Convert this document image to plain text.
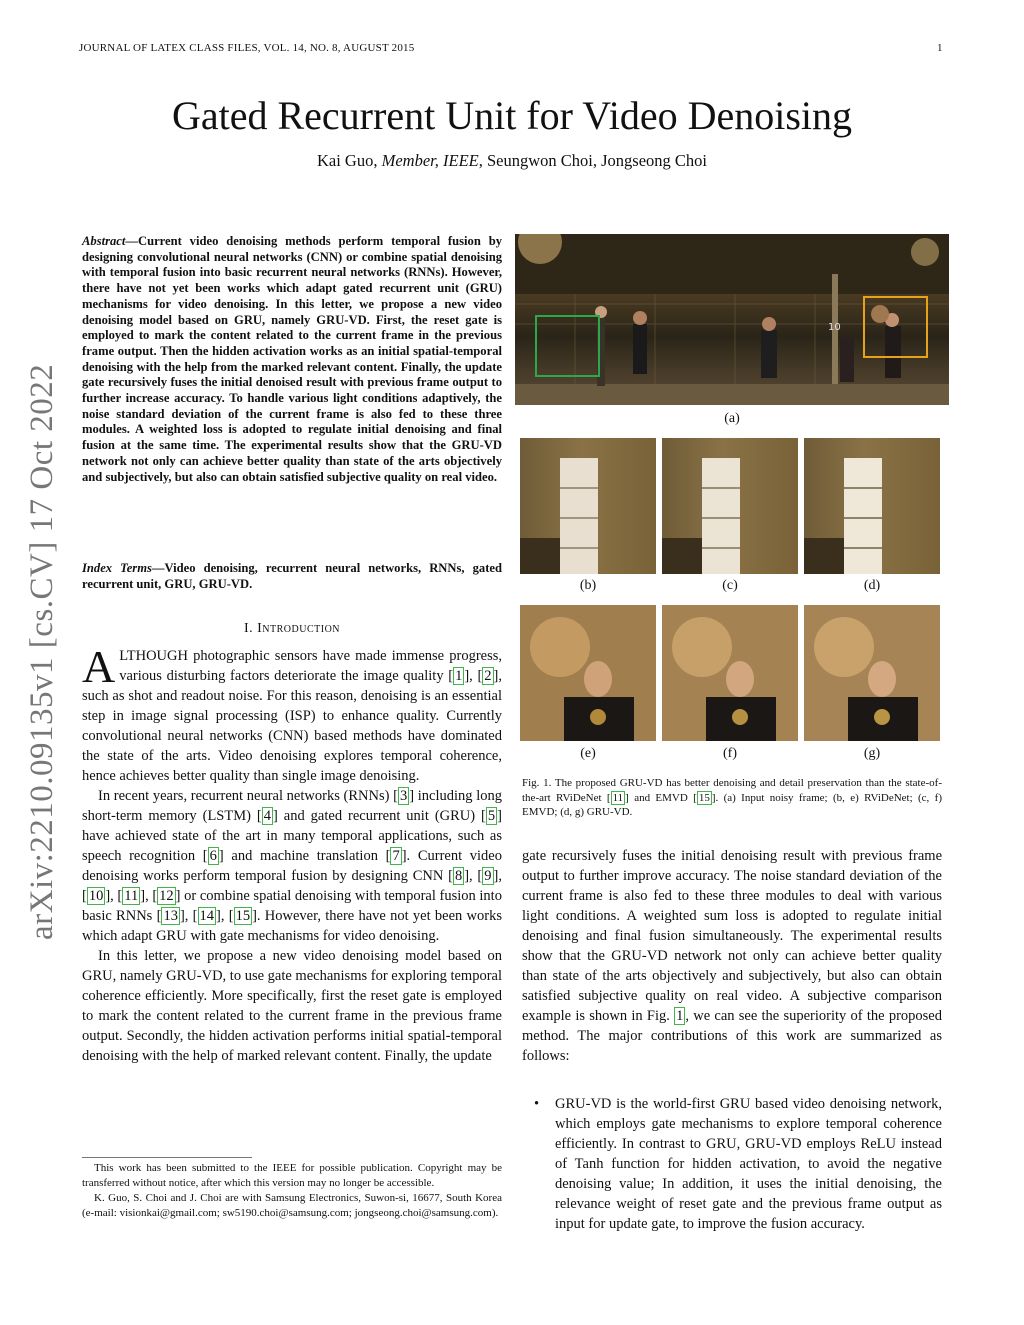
JOURNAL OF LATEX CLASS FILES, VOL. 14, NO. 8, AUGUST 2015	1
Gated Recurrent Unit for Video Denoising
Kai Guo, Member, IEEE, Seungwon Choi, Jongseong Choi
arXiv:2210.09135v1 [cs.CV] 17 Oct 2022
Abstract—Current video denoising methods perform temporal fusion by designing convolutional neural networks (CNN) or combine spatial denoising with temporal fusion into basic recurrent neural networks (RNNs). However, there have not yet been works which adapt gated recurrent unit (GRU) mechanisms for video denoising. In this letter, we propose a new video denoising model based on GRU, namely GRU-VD. First, the reset gate is employed to mark the content related to the current frame in the previous frame output. Then the hidden activation works as an initial spatial-temporal denoising with the help from the marked relevant content. Finally, the update gate recursively fuses the initial denoised result with previous frame output to further increase accuracy. To handle various light conditions adaptively, the noise standard deviation of the current frame is also fed to these three modules. A weighted loss is adopted to regulate initial denoising and final fusion at the same time. The experimental results show that the GRU-VD network not only can achieve better quality than state of the arts objectively and subjectively, but also can obtain satisfied subjective quality on real video.
Index Terms—Video denoising, recurrent neural networks, RNNs, gated recurrent unit, GRU, GRU-VD.
I. Introduction

ALTHOUGH photographic sensors have made immense progress, various disturbing factors deteriorate the image quality [ 1 ], [ 2 ], such as shot and readout noise. For this reason, denoising is an essential step in image signal processing (ISP) to enhance quality. Currently convolutional neural networks (CNN) based methods have dominated the state of the arts. Video denoising explores temporal coherence, hence achieves better quality than single image denoising.

In recent years, recurrent neural networks (RNNs) [ 3 ] including long short-term memory (LSTM) [ 4 ] and gated recurrent unit (GRU) [ 5 ] have achieved state of the art in many temporal applications, such as speech recognition [ 6 ] and machine translation [ 7 ]. Current video denoising works perform temporal fusion by designing CNN [ 8 ], [ 9 ], [ 10 ], [ 11 ], [ 12 ] or combine spatial denoising with temporal fusion into basic RNNs [ 13 ], [ 14 ], [ 15 ]. However, there have not yet been works which adapt GRU with gate mechanisms for video denoising.

In this letter, we propose a new video denoising model based on GRU, namely GRU-VD, to use gate mechanisms for exploring temporal coherence efficiently. More specifically, first the reset gate is employed to mark the content related to the current frame in the previous frame output. Secondly, the hidden activation performs initial spatial-temporal denoising with the help of marked relevant content. Finally, the update

This work has been submitted to the IEEE for possible publication. Copyright may be transferred without notice, after which this version may no longer be accessible.

K. Guo, S. Choi and J. Choi are with Samsung Electronics, Suwon-si, 16677, South Korea (e-mail: visionkai@gmail.com; sw5190.choi@samsung.com; jongseong.choi@samsung.com).

10
(a)
(b)	(c)	(d)
(e)	(f)	(g)
Fig. 1. The proposed GRU-VD has better denoising and detail preservation than the state-of-the-art RViDeNet [ 11 ] and EMVD [ 15 ]. (a) Input noisy frame; (b, e) RViDeNet; (c, f) EMVD; (d, g) GRU-VD.

gate recursively fuses the initial denoising result with previous frame output to further improve accuracy. The noise standard deviation of the current frame is also fed to these three modules to deal with various light conditions. A weighted sum loss is adopted to regulate initial denoising and final fusion simultaneously. The experimental results show that the GRU-VD network not only can achieve better quality than state of the arts objectively and subjectively, but also can obtain satisfied subjective quality on real video. A subjective comparison example is shown in Fig. 1 , we can see the superiority of the proposed method. The major contributions of this work are summarized as follows:

• GRU-VD is the world-first GRU based video denoising network, which employs gate mechanisms to explore temporal coherence efficiently. In contrast to GRU, GRU-VD employs ReLU instead of Tanh function for hidden activation, to avoid the negative denoising value; In addition, it uses the initial denoising, the relevance weight of reset gate and the previous frame output as input for update gate, to improve the fusion accuracy.
